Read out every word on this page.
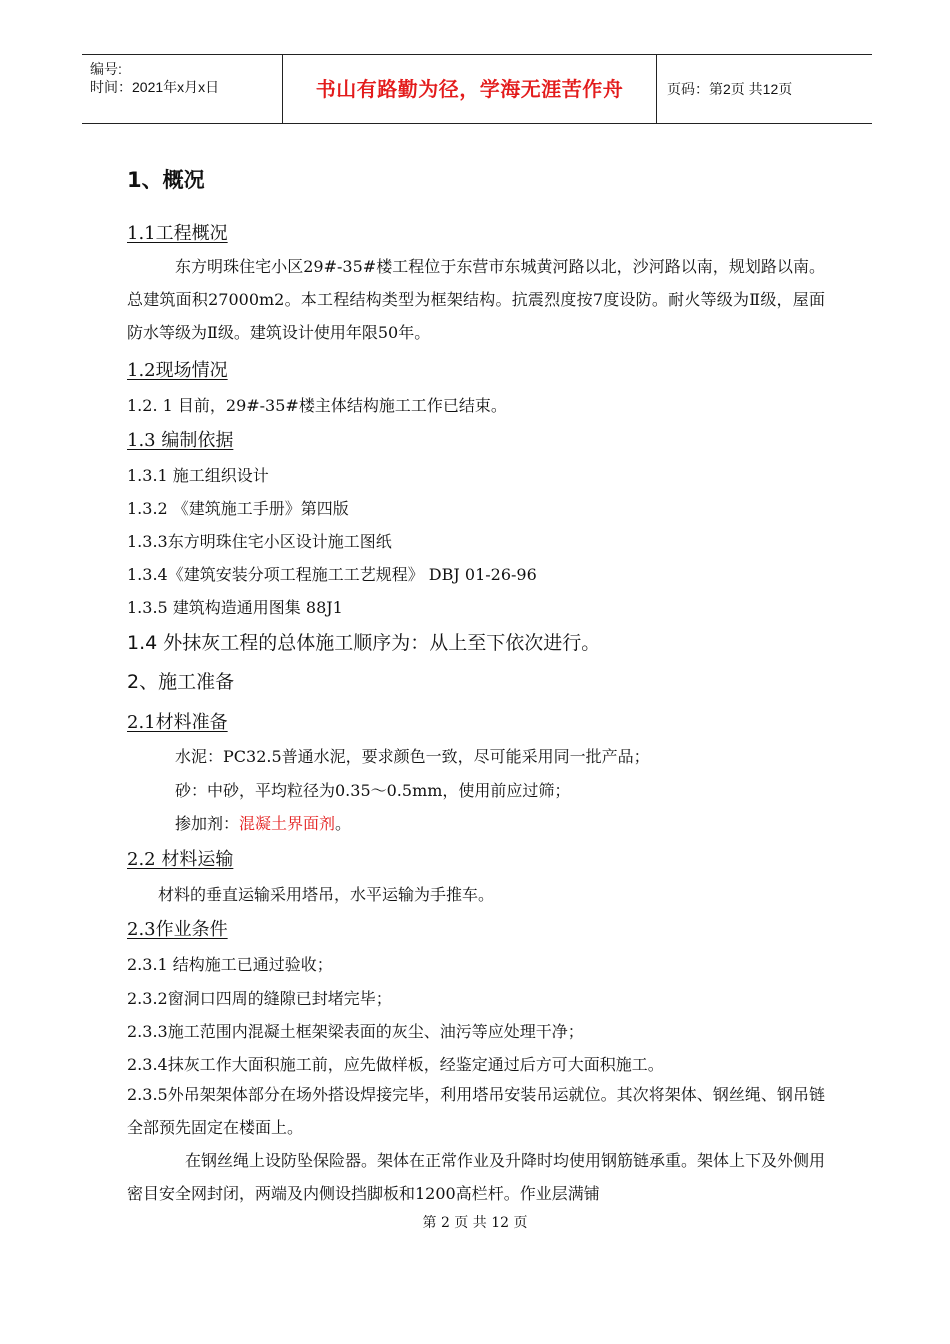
编号:
时间：2021年x月x日	书山有路勤为径，学海无涯苦作舟	页码：第2页 共12页
1、概况
1.1工程概况
东方明珠住宅小区29#-35#楼工程位于东营市东城黄河路以北，沙河路以南，规划路以南。总建筑面积27000m2。本工程结构类型为框架结构。抗震烈度按7度设防。耐火等级为Ⅱ级，屋面防水等级为Ⅱ级。建筑设计使用年限50年。
1.2现场情况
1.2. 1 目前，29#-35#楼主体结构施工工作已结束。
1.3 编制依据
1.3.1 施工组织设计
1.3.2 《建筑施工手册》第四版
1.3.3东方明珠住宅小区设计施工图纸
1.3.4《建筑安装分项工程施工工艺规程》 DBJ 01-26-96
1.3.5 建筑构造通用图集 88J1
1.4 外抹灰工程的总体施工顺序为：从上至下依次进行。
2、施工准备
2.1材料准备
水泥：PC32.5普通水泥，要求颜色一致，尽可能采用同一批产品；
砂：中砂，平均粒径为0.35～0.5mm，使用前应过筛；
掺加剂：混凝土界面剂。
2.2 材料运输
材料的垂直运输采用塔吊，水平运输为手推车。
2.3作业条件
2.3.1 结构施工已通过验收；
2.3.2窗洞口四周的缝隙已封堵完毕；
2.3.3施工范围内混凝土框架梁表面的灰尘、油污等应处理干净；
2.3.4抹灰工作大面积施工前，应先做样板，经鉴定通过后方可大面积施工。
2.3.5外吊架架体部分在场外搭设焊接完毕，利用塔吊安装吊运就位。其次将架体、钢丝绳、钢吊链全部预先固定在楼面上。
在钢丝绳上设防坠保险器。架体在正常作业及升降时均使用钢筋链承重。架体上下及外侧用密目安全网封闭，两端及内侧设挡脚板和1200高栏杆。作业层满铺
第 2 页 共 12 页
